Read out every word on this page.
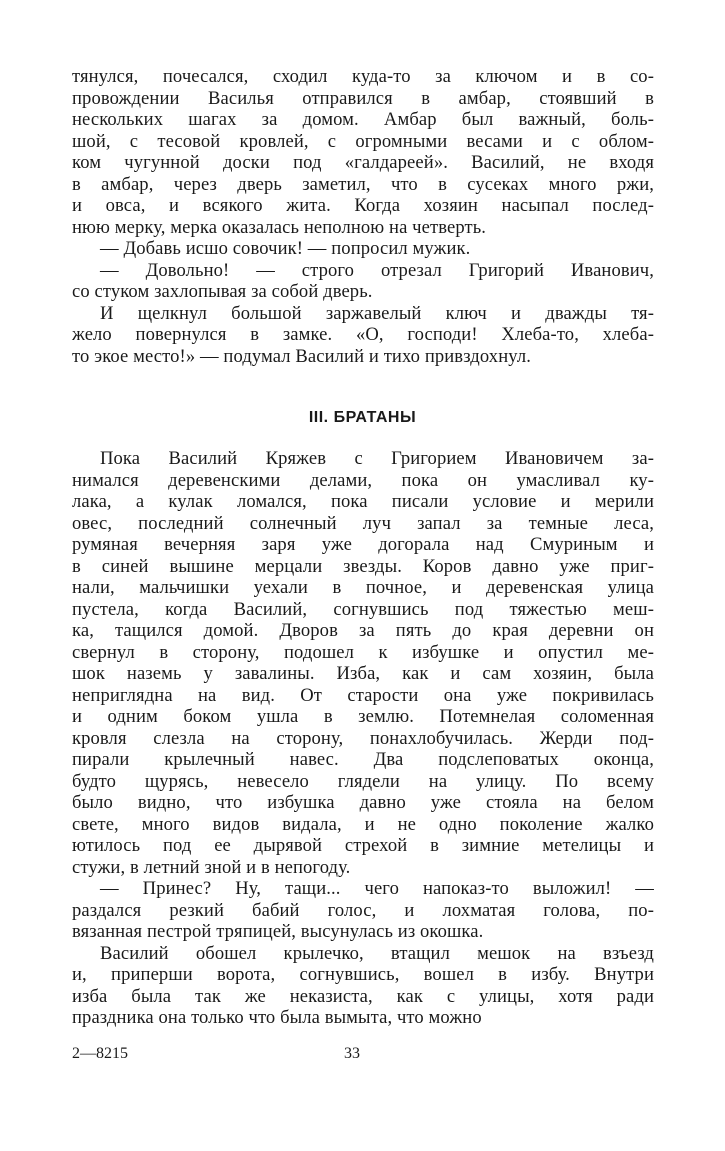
тянулся, почесался, сходил куда-то за ключом и в со-
провождении Василья отправился в амбар, стоявший в
нескольких шагах за домом. Амбар был важный, боль-
шой, с тесовой кровлей, с огромными весами и с облом-
ком чугунной доски под «галдареей». Василий, не входя
в амбар, через дверь заметил, что в сусеках много ржи,
и овса, и всякого жита. Когда хозяин насыпал послед-
нюю мерку, мерка оказалась неполною на четверть.
— Добавь исшо совочик! — попросил мужик.
— Довольно! — строго отрезал Григорий Иванович,
со стуком захлопывая за собой дверь.
И щелкнул большой заржавелый ключ и дважды тя-
жело повернулся в замке. «О, господи! Хлеба-то, хлеба-
то экое место!» — подумал Василий и тихо привздохнул.
III. БРАТАНЫ
Пока Василий Кряжев с Григорием Ивановичем за-
нимался деревенскими делами, пока он умасливал ку-
лака, а кулак ломался, пока писали условие и мерили
овес, последний солнечный луч запал за темные леса,
румяная вечерняя заря уже догорала над Смуриным и
в синей вышине мерцали звезды. Коров давно уже приг-
нали, мальчишки уехали в почное, и деревенская улица
пустела, когда Василий, согнувшись под тяжестью меш-
ка, тащился домой. Дворов за пять до края деревни он
свернул в сторону, подошел к избушке и опустил ме-
шок наземь у завалины. Изба, как и сам хозяин, была
неприглядна на вид. От старости она уже покривилась
и одним боком ушла в землю. Потемнелая соломенная
кровля слезла на сторону, понахлобучилась. Жерди под-
пирали крылечный навес. Два подслеповатых оконца,
будто щурясь, невесело глядели на улицу. По всему
было видно, что избушка давно уже стояла на белом
свете, много видов видала, и не одно поколение жалко
ютилось под ее дырявой стрехой в зимние метелицы и
стужи, в летний зной и в непогоду.
— Принес? Ну, тащи... чего напоказ-то выложил! —
раздался резкий бабий голос, и лохматая голова, по-
вязанная пестрой тряпицей, высунулась из окошка.
Василий обошел крылечко, втащил мешок на взъезд
и, приперши ворота, согнувшись, вошел в избу. Внутри
изба была так же неказиста, как с улицы, хотя ради
праздника она только что была вымыта, что можно
2—8215	33
